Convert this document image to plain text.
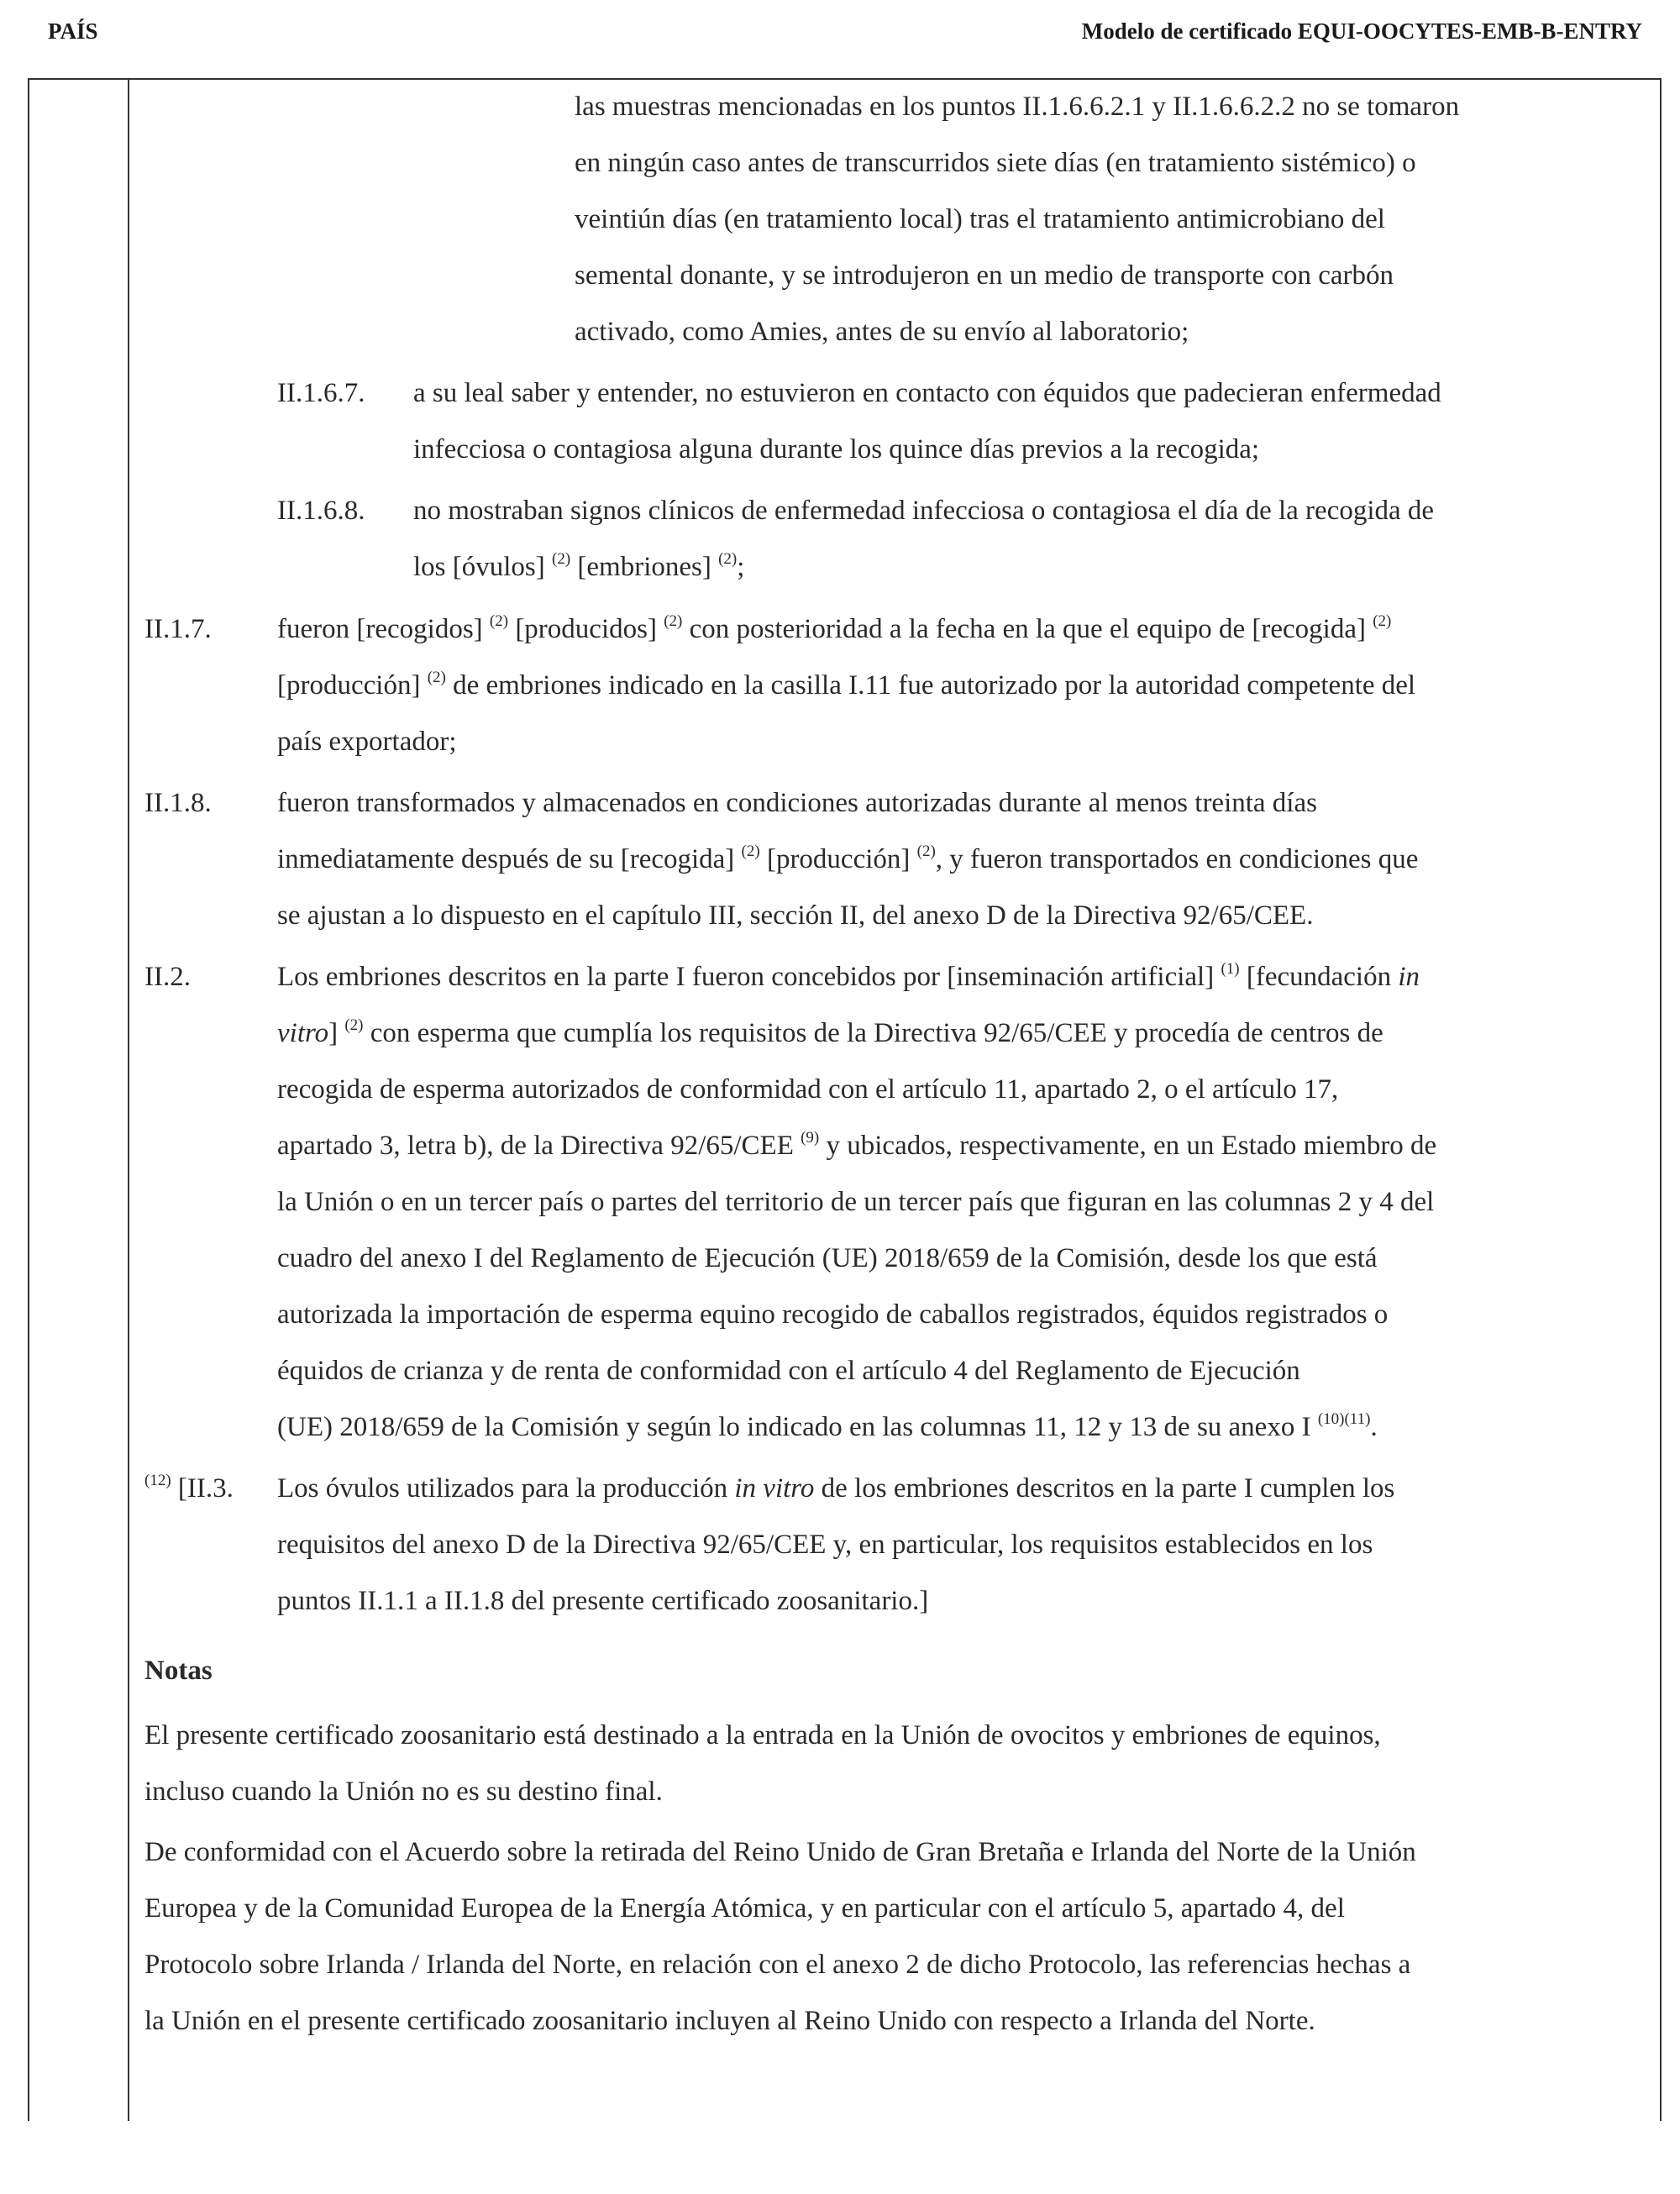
PAÍS	Modelo de certificado EQUI-OOCYTES-EMB-B-ENTRY

las muestras mencionadas en los puntos II.1.6.6.2.1 y II.1.6.6.2.2 no se tomaron

en ningún caso antes de transcurridos siete días (en tratamiento sistémico) o

veintiún días (en tratamiento local) tras el tratamiento antimicrobiano del

semental donante, y se introdujeron en un medio de transporte con carbón

activado, como Amies, antes de su envío al laboratorio;

II.1.6.7. a su leal saber y entender, no estuvieron en contacto con équidos que padecieran enfermedad

infecciosa o contagiosa alguna durante los quince días previos a la recogida;

II.1.6.8. no mostraban signos clínicos de enfermedad infecciosa o contagiosa el día de la recogida de

los [óvulos] $^{(2)}$ [embriones] $^{(2)}$;

II.1.7. fueron [recogidos] $^{(2)}$ [producidos] $^{(2)}$ con posterioridad a la fecha en la que el equipo de [recogida] $^{(2)}$

[producción] $^{(2)}$ de embriones indicado en la casilla I.11 fue autorizado por la autoridad competente del

país exportador;

II.1.8. fueron transformados y almacenados en condiciones autorizadas durante al menos treinta días

inmediatamente después de su [recogida] $^{(2)}$ [producción] $^{(2)}$, y fueron transportados en condiciones que

se ajustan a lo dispuesto en el capítulo III, sección II, del anexo D de la Directiva 92/65/CEE.

II.2.	Los embriones descritos en la parte I fueron concebidos por [inseminación artificial] $^{(1)}$ [fecundación in

vitro] $^{(2)}$ con esperma que cumplía los requisitos de la Directiva 92/65/CEE y procedía de centros de

recogida de esperma autorizados de conformidad con el artículo 11, apartado 2, o el artículo 17,

apartado 3, letra b), de la Directiva 92/65/CEE $^{(9)}$ y ubicados, respectivamente, en un Estado miembro de

la Unión o en un tercer país o partes del territorio de un tercer país que figuran en las columnas 2 y 4 del

cuadro del anexo I del Reglamento de Ejecución (UE) 2018/659 de la Comisión, desde los que está

autorizada la importación de esperma equino recogido de caballos registrados, équidos registrados o

équidos de crianza y de renta de conformidad con el artículo 4 del Reglamento de Ejecución

(UE) 2018/659 de la Comisión y según lo indicado en las columnas 11, 12 y 13 de su anexo I $^{(10)(11)}$.

$^{(12)}$ [II.3. Los óvulos utilizados para la producción in vitro de los embriones descritos en la parte I cumplen los

requisitos del anexo D de la Directiva 92/65/CEE y, en particular, los requisitos establecidos en los

puntos II.1.1 a II.1.8 del presente certificado zoosanitario.]

Notas

El presente certificado zoosanitario está destinado a la entrada en la Unión de ovocitos y embriones de equinos,

incluso cuando la Unión no es su destino final.

De conformidad con el Acuerdo sobre la retirada del Reino Unido de Gran Bretaña e Irlanda del Norte de la Unión

Europea y de la Comunidad Europea de la Energía Atómica, y en particular con el artículo 5, apartado 4, del

Protocolo sobre Irlanda / Irlanda del Norte, en relación con el anexo 2 de dicho Protocolo, las referencias hechas a

la Unión en el presente certificado zoosanitario incluyen al Reino Unido con respecto a Irlanda del Norte.
